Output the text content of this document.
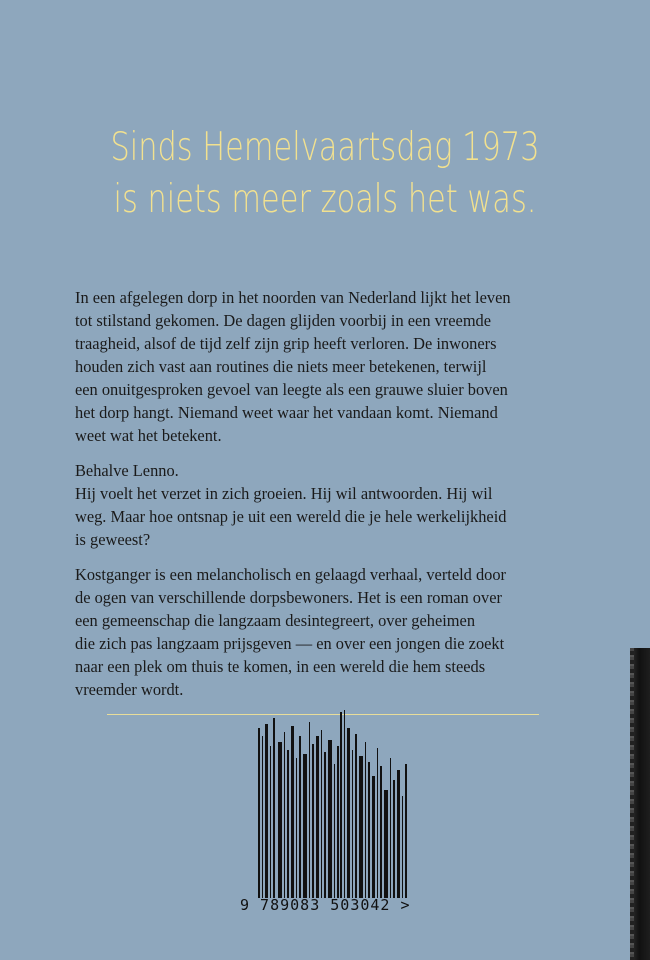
Sinds Hemelvaartsdag 1973
is niets meer zoals het was.

In een afgelegen dorp in het noorden van Nederland lijkt het leven
tot stilstand gekomen. De dagen glijden voorbij in een vreemde
traagheid, alsof de tijd zelf zijn grip heeft verloren. De inwoners
houden zich vast aan routines die niets meer betekenen, terwijl
een onuitgesproken gevoel van leegte als een grauwe sluier boven
het dorp hangt. Niemand weet waar het vandaan komt. Niemand
weet wat het betekent.

Behalve Lenno.
Hij voelt het verzet in zich groeien. Hij wil antwoorden. Hij wil
weg. Maar hoe ontsnap je uit een wereld die je hele werkelijkheid
is geweest?

Kostganger is een melancholisch en gelaagd verhaal, verteld door
de ogen van verschillende dorpsbewoners. Het is een roman over
een gemeenschap die langzaam desintegreert, over geheimen
die zich pas langzaam prijsgeven — en over een jongen die zoekt
naar een plek om thuis te komen, in een wereld die hem steeds
vreemder wordt.

9 789083 503042 >
